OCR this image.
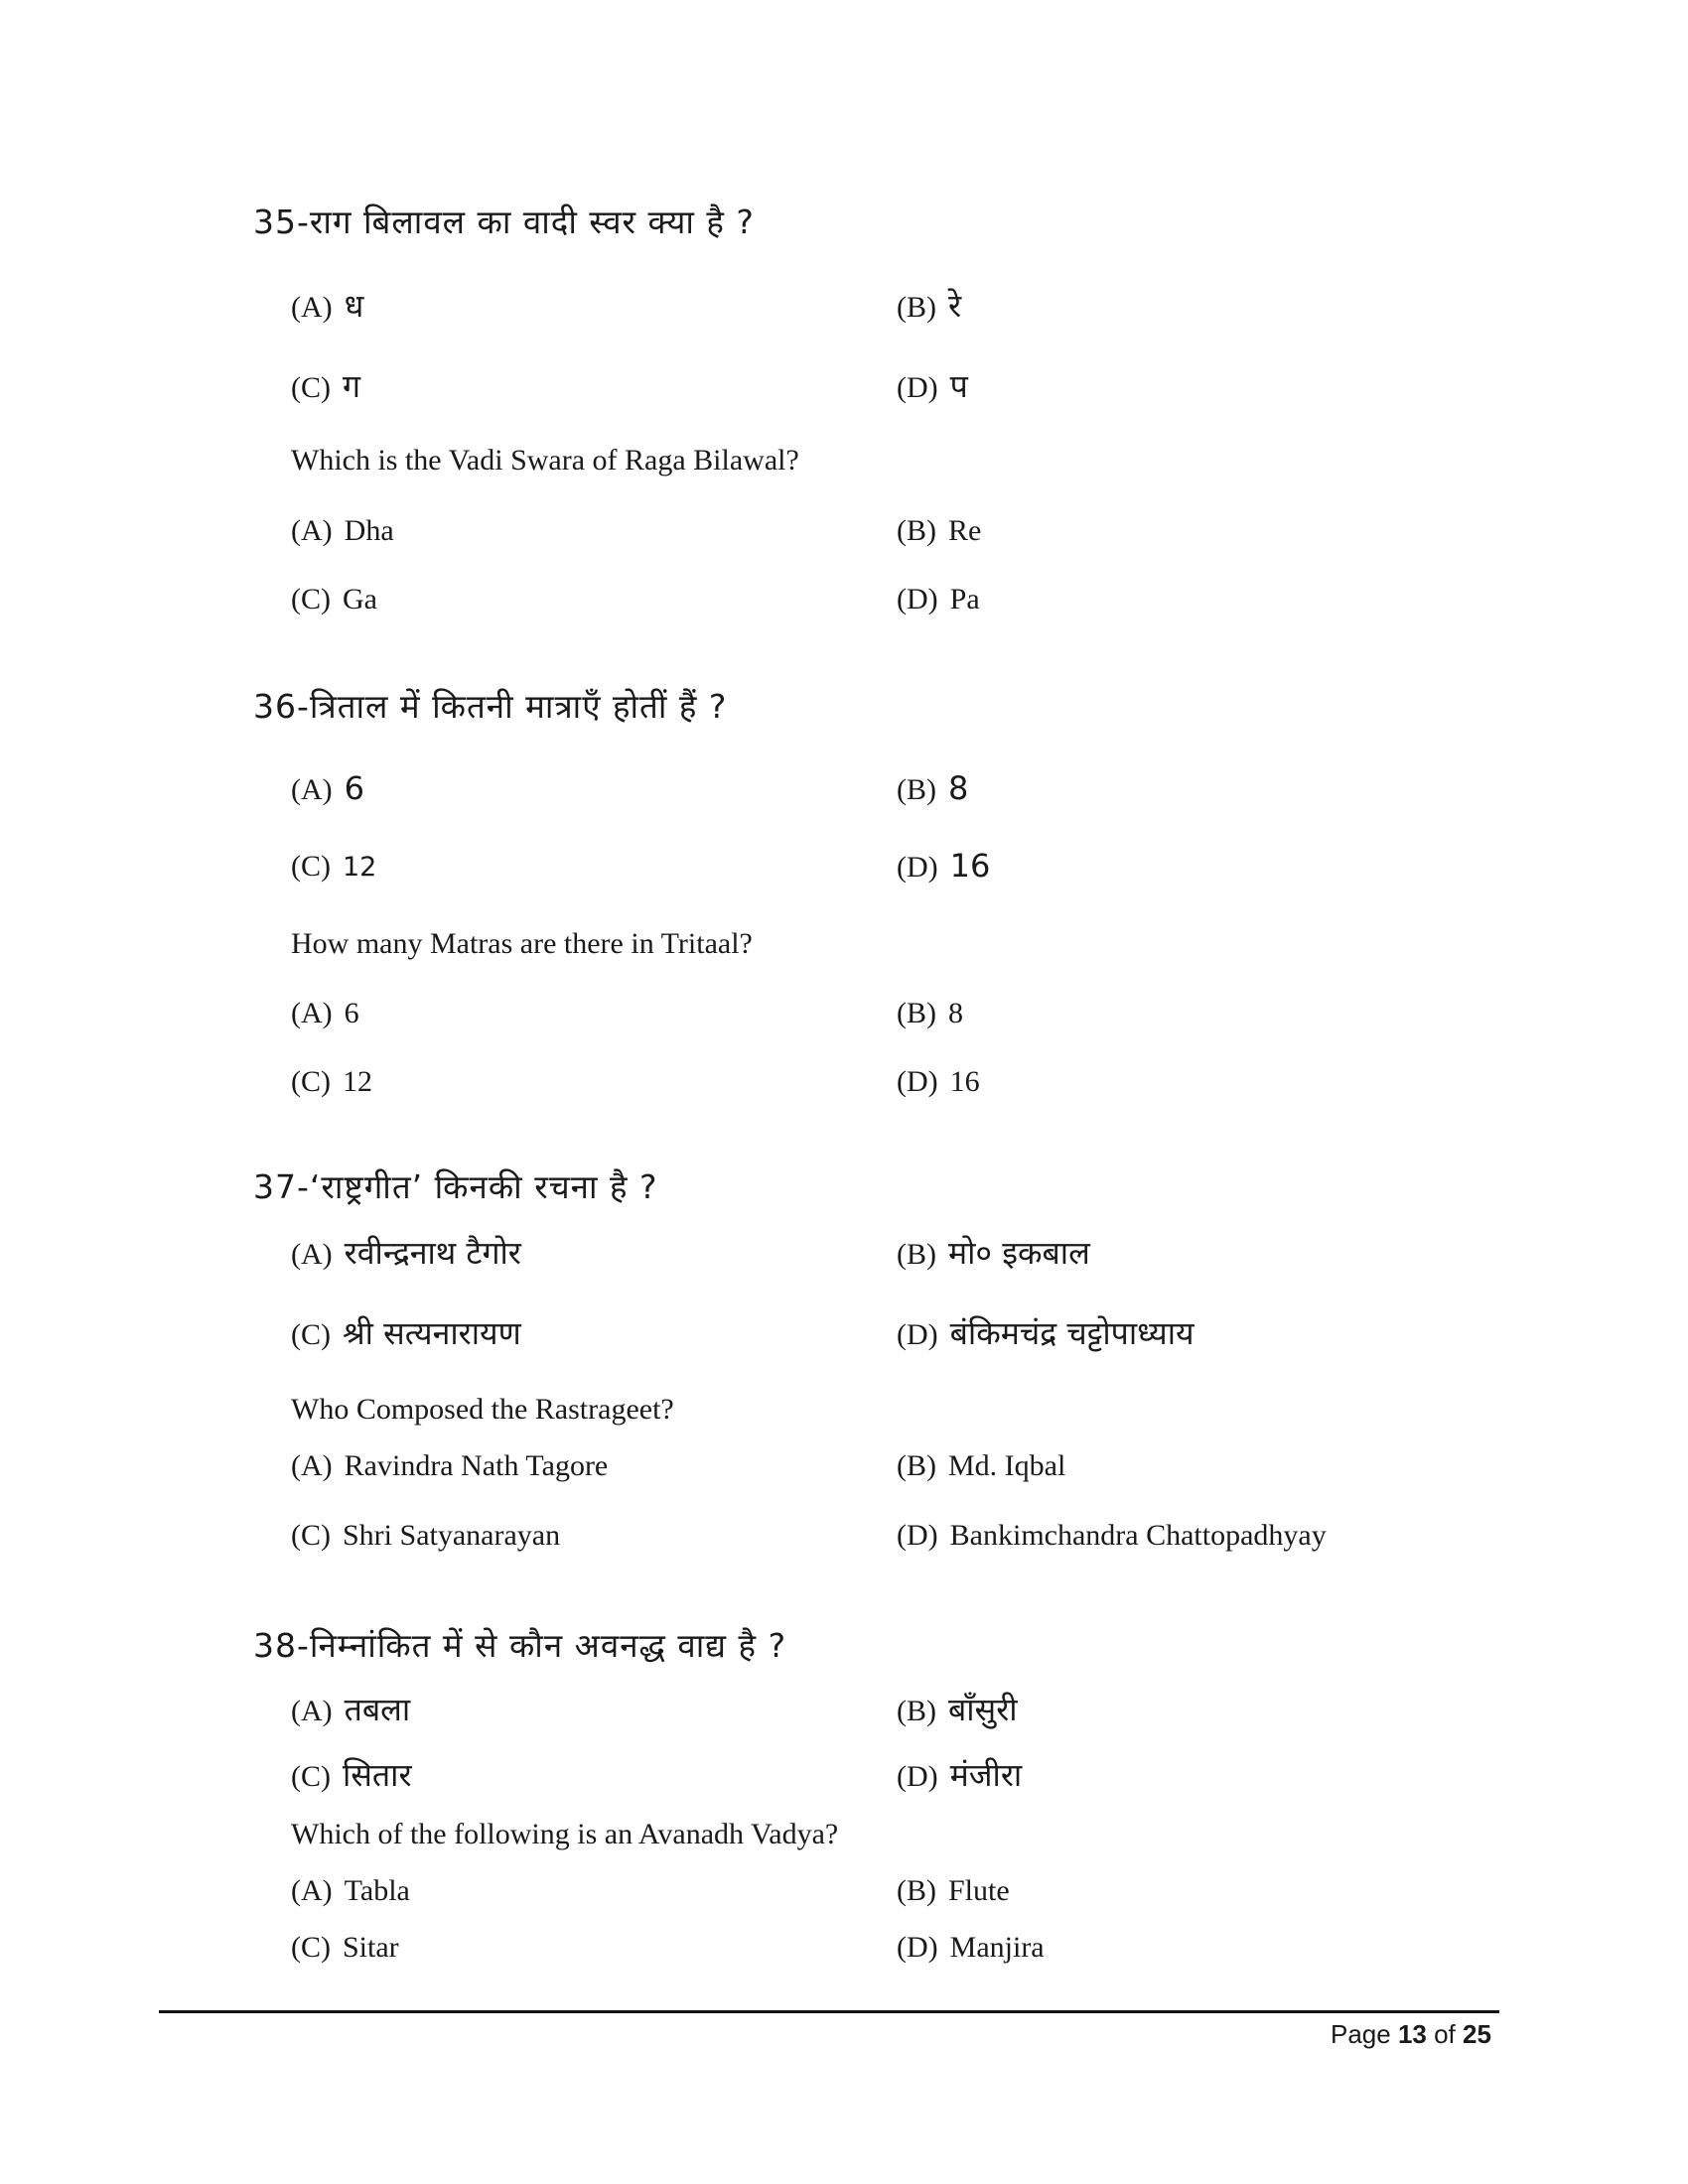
35-राग बिलावल का वादी स्वर क्या है ?
(A) ध	(B) रे
(C) ग	(D) प
Which is the Vadi Swara of Raga Bilawal?
(A) Dha	(B) Re
(C) Ga	(D) Pa
36-त्रिताल में कितनी मात्राएँ होतीं हैं ?
(A) 6	(B) 8
(C) 12	(D) 16
How many Matras are there in Tritaal?
(A) 6	(B) 8
(C) 12	(D) 16
37-‘राष्ट्रगीत’ किनकी रचना है ?
(A) रवीन्द्रनाथ टैगोर	(B) मो० इकबाल
(C) श्री सत्यनारायण	(D) बंकिमचंद्र चट्टोपाध्याय
Who Composed the Rastrageet?
(A) Ravindra Nath Tagore	(B) Md. Iqbal
(C) Shri Satyanarayan	(D) Bankimchandra Chattopadhyay
38-निम्नांकित में से कौन अवनद्ध वाद्य है ?
(A) तबला	(B) बाँसुरी
(C) सितार	(D) मंजीरा
Which of the following is an Avanadh Vadya?
(A) Tabla	(B) Flute
(C) Sitar	(D) Manjira
Page 13 of 25
